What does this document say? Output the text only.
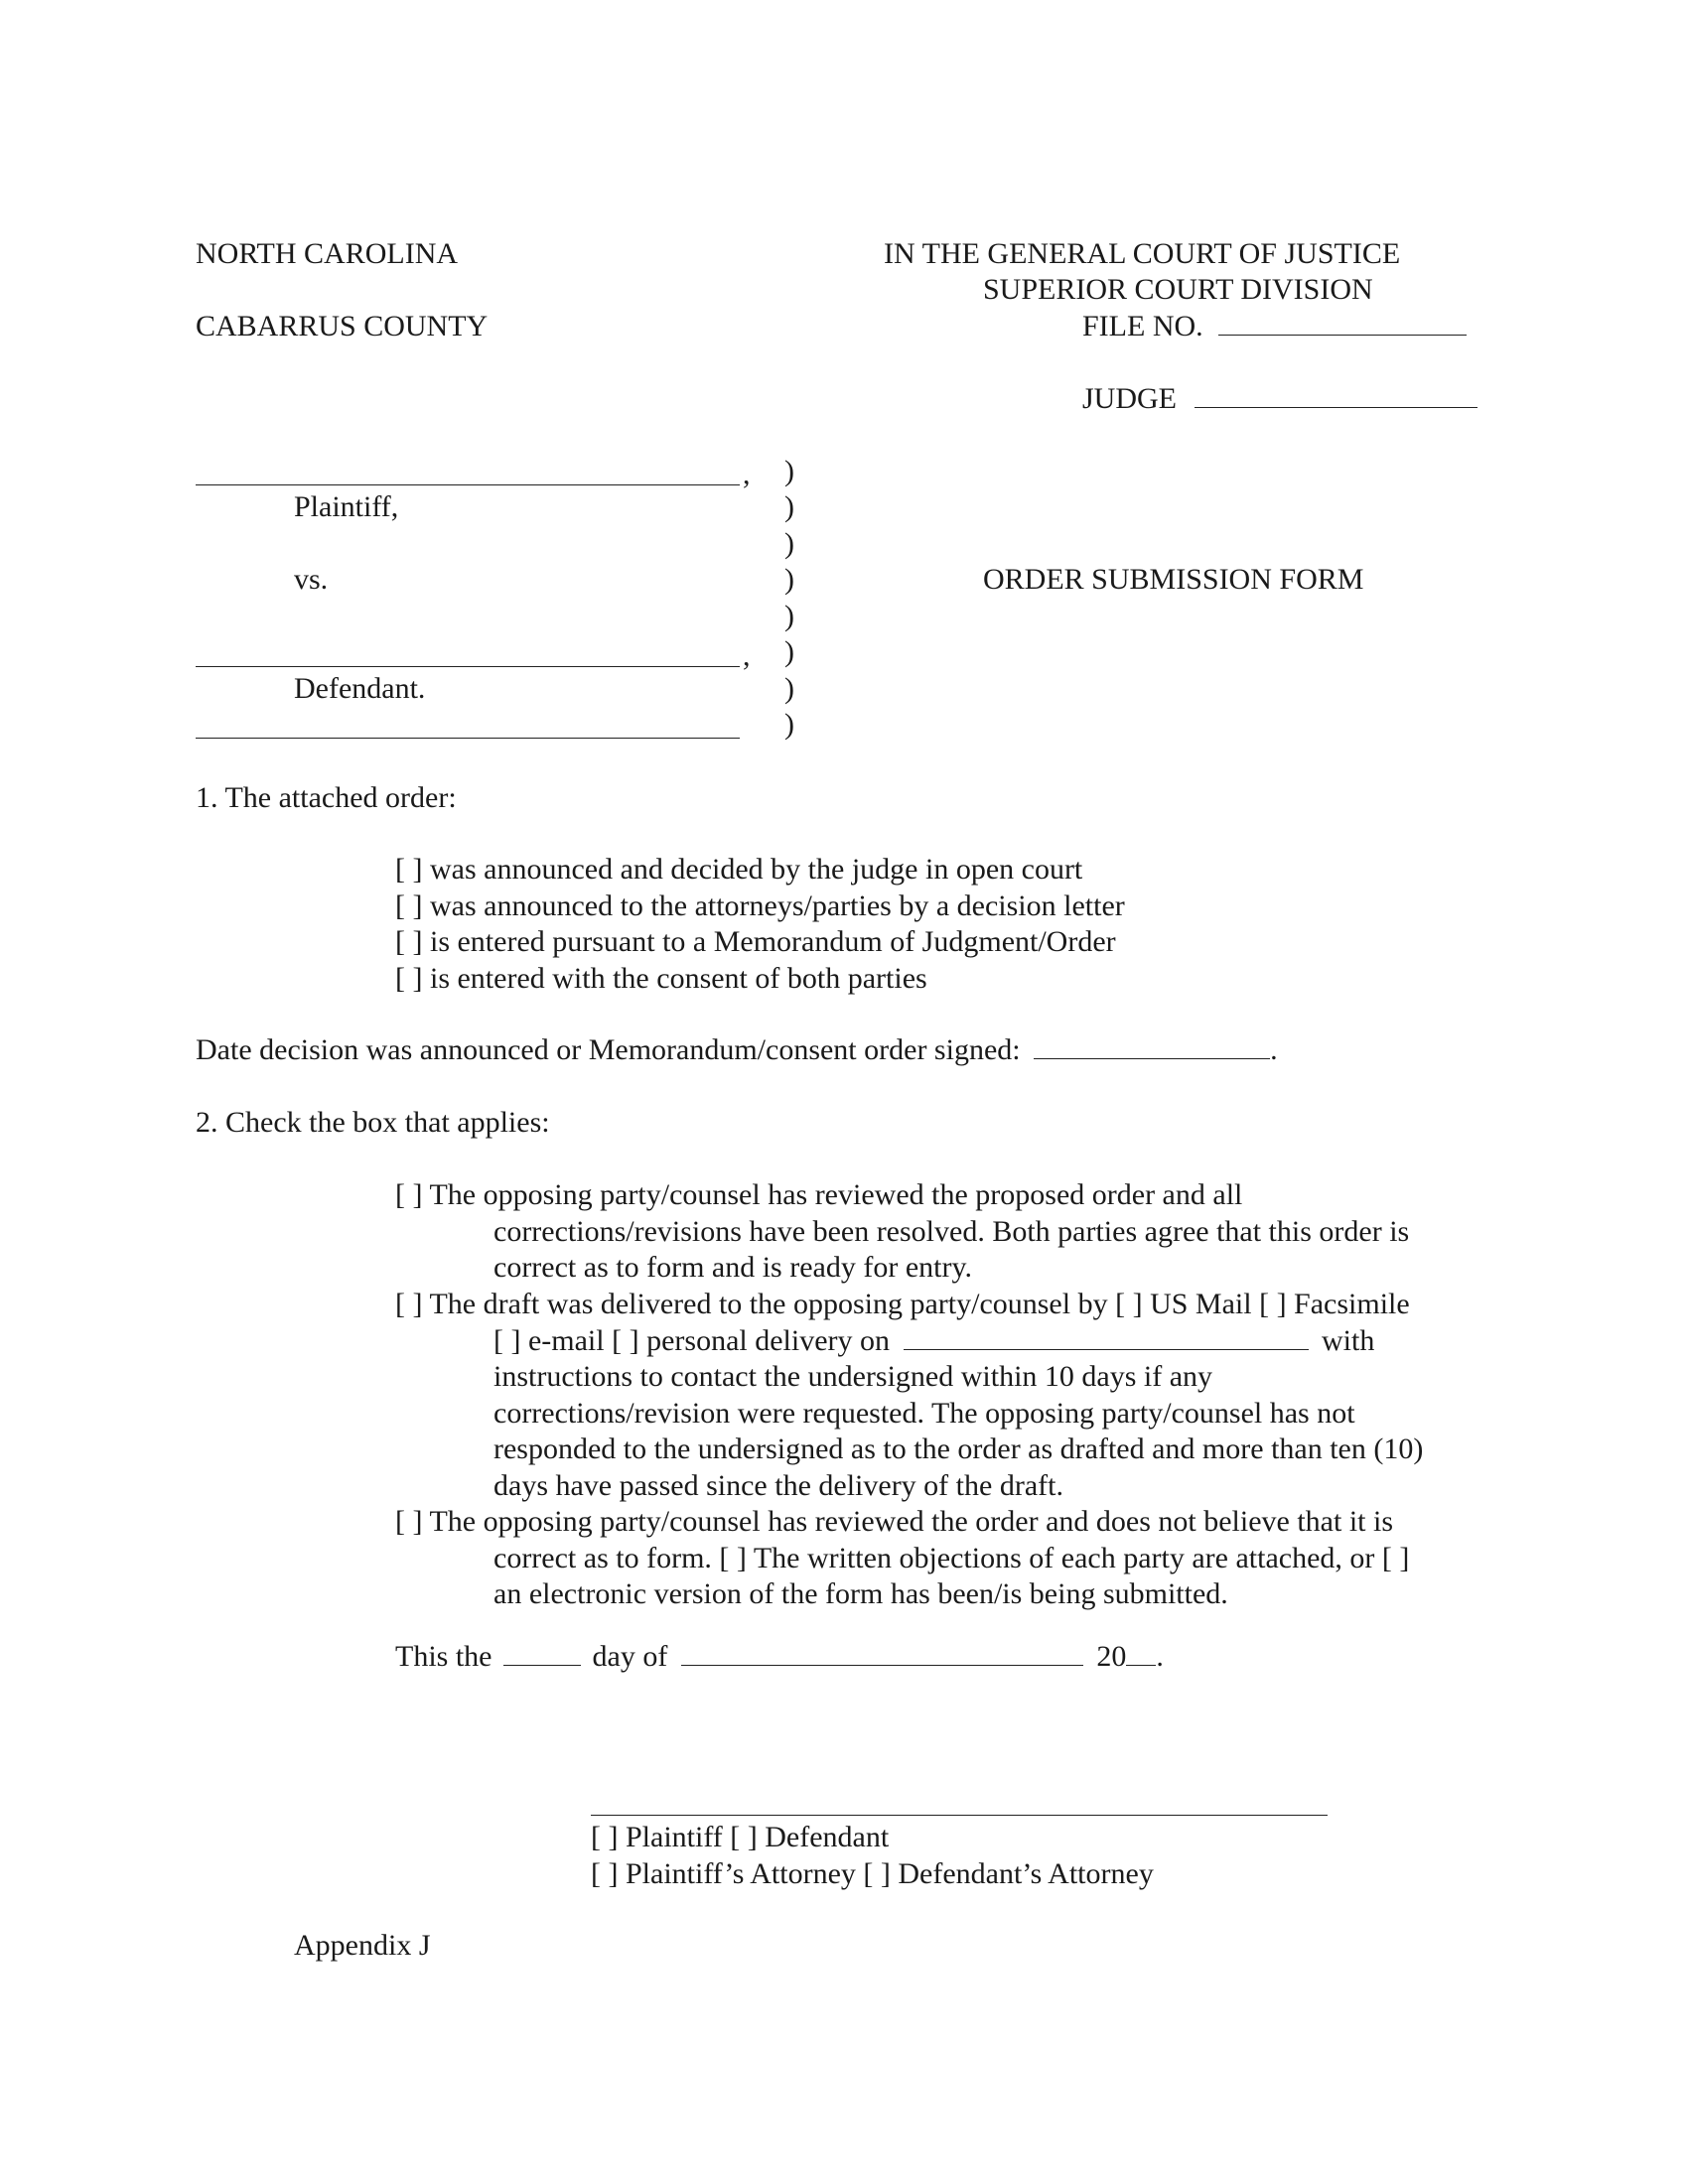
NORTH CAROLINA
CABARRUS COUNTY
IN THE GENERAL COURT OF JUSTICE
SUPERIOR COURT DIVISION
FILE NO.
JUDGE
,
Plaintiff,
vs.
,
Defendant.
)
)
)
)
)
)
)
)
ORDER SUBMISSION FORM
1. The attached order:
[ ] was announced and decided by the judge in open court
[ ] was announced to the attorneys/parties by a decision letter
[ ] is entered pursuant to a Memorandum of Judgment/Order
[ ] is entered with the consent of both parties
Date decision was announced or Memorandum/consent order signed:	.
2. Check the box that applies:
[ ] The opposing party/counsel has reviewed the proposed order and all
corrections/revisions have been resolved. Both parties agree that this order is
correct as to form and is ready for entry.
[ ] The draft was delivered to the opposing party/counsel by [ ] US Mail [ ] Facsimile
[ ] e-mail [ ] personal delivery on	with
instructions to contact the undersigned within 10 days if any
corrections/revision were requested. The opposing party/counsel has not
responded to the undersigned as to the order as drafted and more than ten (10)
days have passed since the delivery of the draft.
[ ] The opposing party/counsel has reviewed the order and does not believe that it is
correct as to form. [ ] The written objections of each party are attached, or [ ]
an electronic version of the form has been/is being submitted.
This the	day of	20 .
[ ] Plaintiff [ ] Defendant
[ ] Plaintiff’s Attorney [ ] Defendant’s Attorney
Appendix J
